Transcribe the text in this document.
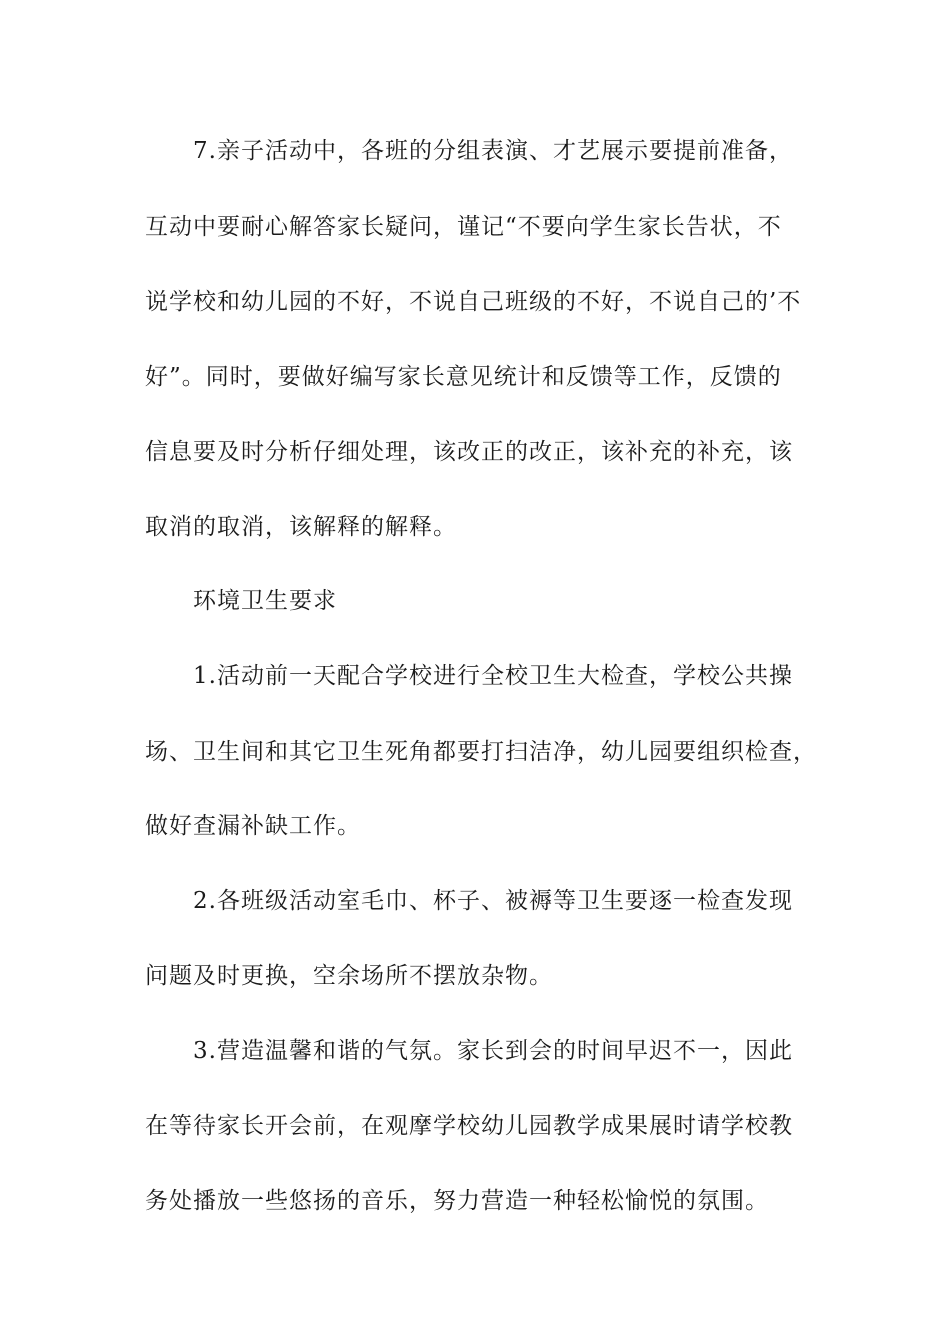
7.亲子活动中，各班的分组表演、才艺展示要提前准备，

互动中要耐心解答家长疑问，谨记“不要向学生家长告状，不

说学校和幼儿园的不好，不说自己班级的不好，不说自己的’不

好”。同时，要做好编写家长意见统计和反馈等工作，反馈的

信息要及时分析仔细处理，该改正的改正，该补充的补充，该

取消的取消，该解释的解释。

环境卫生要求

1.活动前一天配合学校进行全校卫生大检查，学校公共操

场、卫生间和其它卫生死角都要打扫洁净，幼儿园要组织检查，

做好查漏补缺工作。

2.各班级活动室毛巾、杯子、被褥等卫生要逐一检查发现

问题及时更换，空余场所不摆放杂物。

3.营造温馨和谐的气氛。家长到会的时间早迟不一，因此

在等待家长开会前，在观摩学校幼儿园教学成果展时请学校教

务处播放一些悠扬的音乐，努力营造一种轻松愉悦的氛围。
